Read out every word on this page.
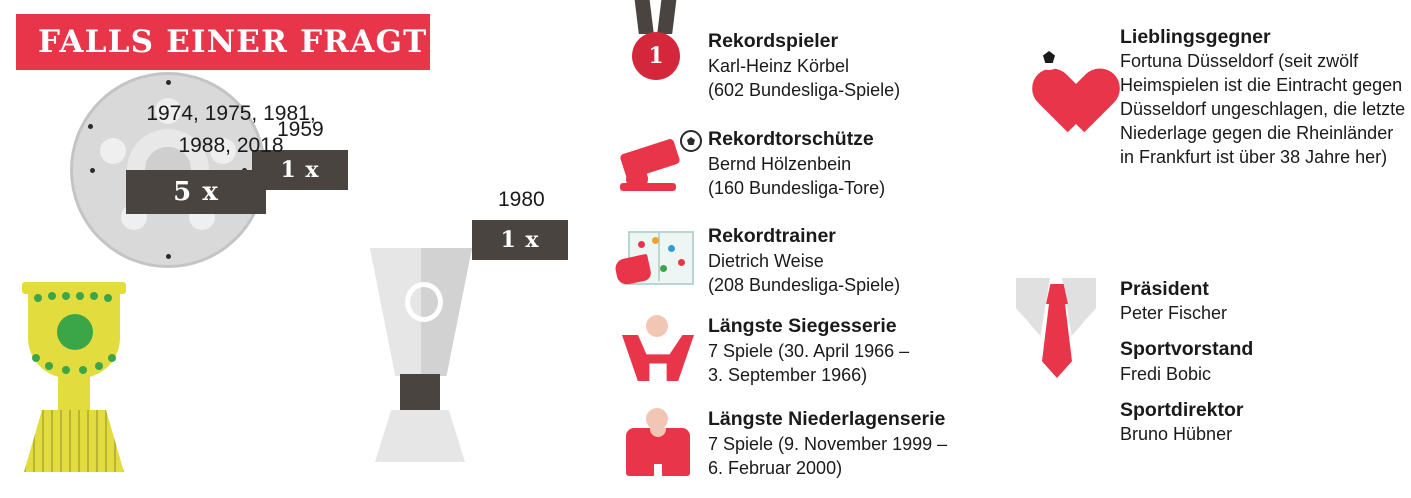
FALLS EINER FRAGT
1959
1 x
1974, 1975, 1981, 1988, 2018
5 x	1980
1 x
1
Rekordspieler
Karl-Heinz Körbel
(602 Bundesliga-Spiele)
Rekordtorschütze
Bernd Hölzenbein
(160 Bundesliga-Tore)
Rekordtrainer
Dietrich Weise
(208 Bundesliga-Spiele)
Längste Siegesserie
7 Spiele (30. April 1966 –
3. September 1966)
Längste Niederlagenserie
7 Spiele (9. November 1999 –
6. Februar 2000)
Lieblingsgegner
Fortuna Düsseldorf (seit zwölf Heimspielen ist die Eintracht gegen Düsseldorf ungeschlagen, die letzte Niederlage gegen die Rheinländer in Frankfurt ist über 38 Jahre her)
Präsident
Peter Fischer
Sportvorstand
Fredi Bobic
Sportdirektor
Bruno Hübner
